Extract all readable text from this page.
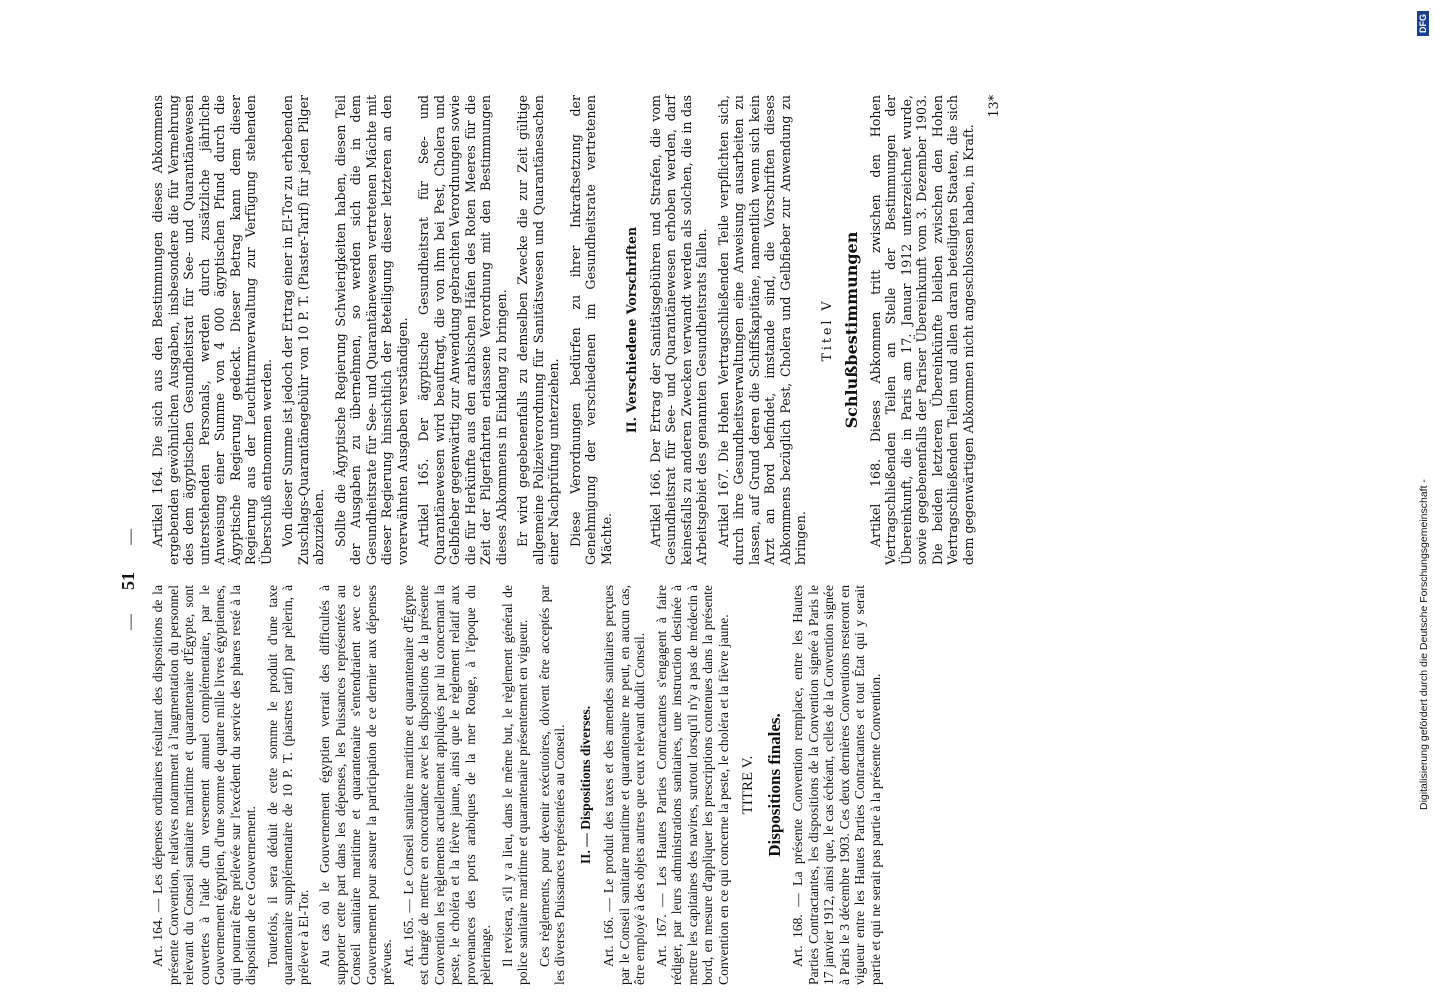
—
51
—

Art. 164. — Les dépenses ordinaires résultant des dispositions de la présente Convention, relatives notamment à l'augmentation du personnel relevant du Conseil sanitaire maritime et quarantenaire d'Égypte, sont couvertes à l'aide d'un versement annuel complémentaire, par le Gouvernement égyptien, d'une somme de quatre mille livres égyptiennes, qui pourrait être prélevée sur l'excédent du service des phares resté à la disposition de ce Gouvernement. Toutefois, il sera déduit de cette somme le produit d'une taxe quarantenaire supplémentaire de 10 P. T. (piastres tarif) par pèlerin, à prélever à El-Tor. Au cas où le Gouvernement égyptien verrait des difficultés à supporter cette part dans les dépenses, les Puissances représentées au Conseil sanitaire maritime et quarantenaire s'entendraient avec ce Gouvernement pour assurer la participation de ce dernier aux dépenses prévues. Art. 165. — Le Conseil sanitaire maritime et quarantenaire d'Égypte est chargé de mettre en concordance avec les dispositions de la présente Convention les règlements actuellement appliqués par lui concernant la peste, le choléra et la fièvre jaune, ainsi que le règlement relatif aux provenances des ports arabiques de la mer Rouge, à l'époque du pèlerinage. Il revisera, s'il y a lieu, dans le même but, le règlement général de police sanitaire maritime et quarantenaire présentement en vigueur. Ces règlements, pour devenir exécutoires, doivent être acceptés par les diverses Puissances représentées au Conseil. II. — Dispositions diverses. Art. 166. — Le produit des taxes et des amendes sanitaires perçues par le Conseil sanitaire maritime et quarantenaire ne peut, en aucun cas, être employé à des objets autres que ceux relevant dudit Conseil. Art. 167. — Les Hautes Parties Contractantes s'engagent à faire rédiger, par leurs administrations sanitaires, une instruction destinée à mettre les capitaines des navires, surtout lorsqu'il n'y a pas de médecin à bord, en mesure d'appliquer les prescriptions contenues dans la présente Convention en ce qui concerne la peste, le choléra et la fièvre jaune. TITRE V. Dispositions finales. Art. 168. — La présente Convention remplace, entre les Hautes Parties Contractantes, les dispositions de la Convention signée à Paris le 17 janvier 1912, ainsi que, le cas échéant, celles de la Convention signée à Paris le 3 décembre 1903. Ces deux dernières Conventions resteront en vigueur entre les Hautes Parties Contractantes et tout État qui y serait partie et qui ne serait pas partie à la présente Convention.

Artikel 164. Die sich aus den Bestimmungen dieses Abkommens ergebenden gewöhnlichen Ausgaben, insbesondere die für Vermehrung des dem ägyptischen Gesundheitsrat für See- und Quarantänewesen unterstehenden Personals, werden durch zusätzliche jährliche Anweisung einer Summe von 4 000 ägyptischen Pfund durch die Ägyptische Regierung gedeckt. Dieser Betrag kann dem dieser Regierung aus der Leuchtturmverwaltung zur Verfügung stehenden Überschuß entnommen werden. Von dieser Summe ist jedoch der Ertrag einer in El-Tor zu erhebenden Zuschlags-Quarantänegebühr von 10 P. T. (Piaster-Tarif) für jeden Pilger abzuziehen. Sollte die Ägyptische Regierung Schwierigkeiten haben, diesen Teil der Ausgaben zu übernehmen, so werden sich die in dem Gesundheitsrate für See- und Quarantänewesen vertretenen Mächte mit dieser Regierung hinsichtlich der Beteiligung dieser letzteren an den vorerwähnten Ausgaben verständigen. Artikel 165. Der ägyptische Gesundheitsrat für See- und Quarantänewesen wird beauftragt, die von ihm bei Pest, Cholera und Gelbfieber gegenwärtig zur Anwendung gebrachten Verordnungen sowie die für Herkünfte aus den arabischen Häfen des Roten Meeres für die Zeit der Pilgerfahrten erlassene Verordnung mit den Bestimmungen dieses Abkommens in Einklang zu bringen. Er wird gegebenenfalls zu demselben Zwecke die zur Zeit gültige allgemeine Polizeiverordnung für Sanitätswesen und Quarantänesachen einer Nachprüfung unterziehen. Diese Verordnungen bedürfen zu ihrer Inkraftsetzung der Genehmigung der verschiedenen im Gesundheitsrate vertretenen Mächte.

II. Verschiedene Vorschriften Artikel 166. Der Ertrag der Sanitätsgebühren und Strafen, die vom Gesundheitsrat für See- und Quarantänewesen erhoben werden, darf keinesfalls zu anderen Zwecken verwandt werden als solchen, die in das Arbeitsgebiet des genannten Gesundheitsrats fallen. Artikel 167. Die Hohen Vertragschließenden Teile verpflichten sich, durch ihre Gesundheitsverwaltungen eine Anweisung ausarbeiten zu lassen, auf Grund deren die Schiffskapitäne, namentlich wenn sich kein Arzt an Bord befindet, imstande sind, die Vorschriften dieses Abkommens bezüglich Pest, Cholera und Gelbfieber zur Anwendung zu bringen.

Titel V Schlußbestimmungen Artikel 168. Dieses Abkommen tritt zwischen den Hohen Vertragschließenden Teilen an Stelle der Bestimmungen der Übereinkunft, die in Paris am 17. Januar 1912 unterzeichnet wurde, sowie gegebenenfalls der Pariser Übereinkunft vom 3. Dezember 1903. Die beiden letzteren Übereinkünfte bleiben zwischen den Hohen Vertragschließenden Teilen und allen daran beteiligten Staaten, die sich dem gegenwärtigen Abkommen nicht angeschlossen haben, in Kraft.

13*

Digitalisierung gefördert durch die Deutsche Forschungsgemeinschaft -
DFG
